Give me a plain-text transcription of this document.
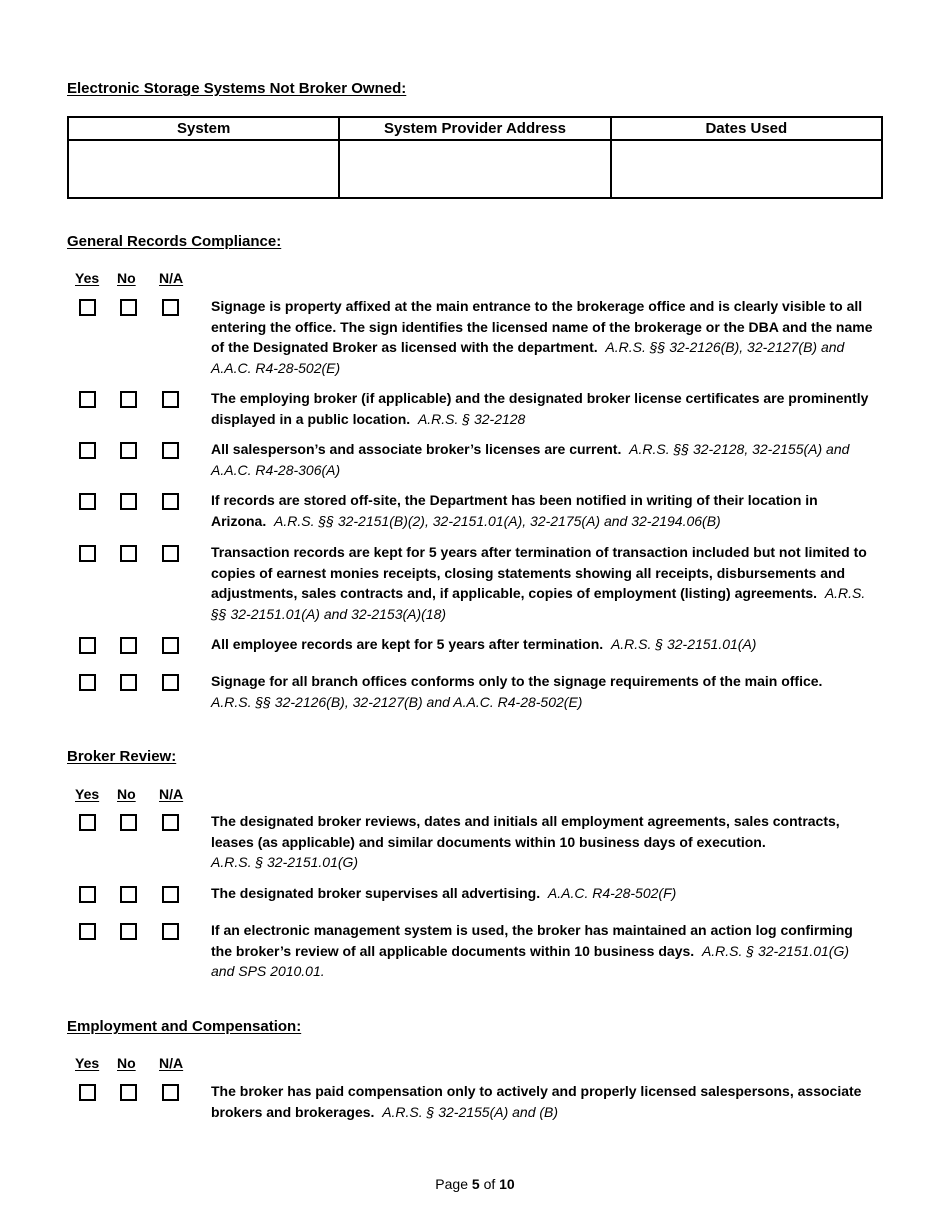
Electronic Storage Systems Not Broker Owned:
System	System Provider Address	Dates Used

General Records Compliance:
Yes No N/A
Signage is property affixed at the main entrance to the brokerage office and is clearly visible to all entering the office. The sign identifies the licensed name of the brokerage or the DBA and the name of the Designated Broker as licensed with the department. A.R.S. §§ 32-2126(B), 32-2127(B) and A.A.C. R4-28-502(E)
The employing broker (if applicable) and the designated broker license certificates are prominently displayed in a public location. A.R.S. § 32-2128
All salesperson’s and associate broker’s licenses are current. A.R.S. §§ 32-2128, 32-2155(A) and A.A.C. R4-28-306(A)
If records are stored off-site, the Department has been notified in writing of their location in Arizona. A.R.S. §§ 32-2151(B)(2), 32-2151.01(A), 32-2175(A) and 32-2194.06(B)
Transaction records are kept for 5 years after termination of transaction included but not limited to copies of earnest monies receipts, closing statements showing all receipts, disbursements and adjustments, sales contracts and, if applicable, copies of employment (listing) agreements. A.R.S. §§ 32-2151.01(A) and 32-2153(A)(18)
All employee records are kept for 5 years after termination. A.R.S. § 32-2151.01(A)
Signage for all branch offices conforms only to the signage requirements of the main office.
A.R.S. §§ 32-2126(B), 32-2127(B) and A.A.C. R4-28-502(E)
Broker Review:
Yes No N/A
The designated broker reviews, dates and initials all employment agreements, sales contracts, leases (as applicable) and similar documents within 10 business days of execution.
A.R.S. § 32-2151.01(G)
The designated broker supervises all advertising. A.A.C. R4-28-502(F)
If an electronic management system is used, the broker has maintained an action log confirming the broker’s review of all applicable documents within 10 business days. A.R.S. § 32-2151.01(G) and SPS 2010.01.
Employment and Compensation:
Yes No N/A
The broker has paid compensation only to actively and properly licensed salespersons, associate brokers and brokerages. A.R.S. § 32-2155(A) and (B)
Page 5 of 10
